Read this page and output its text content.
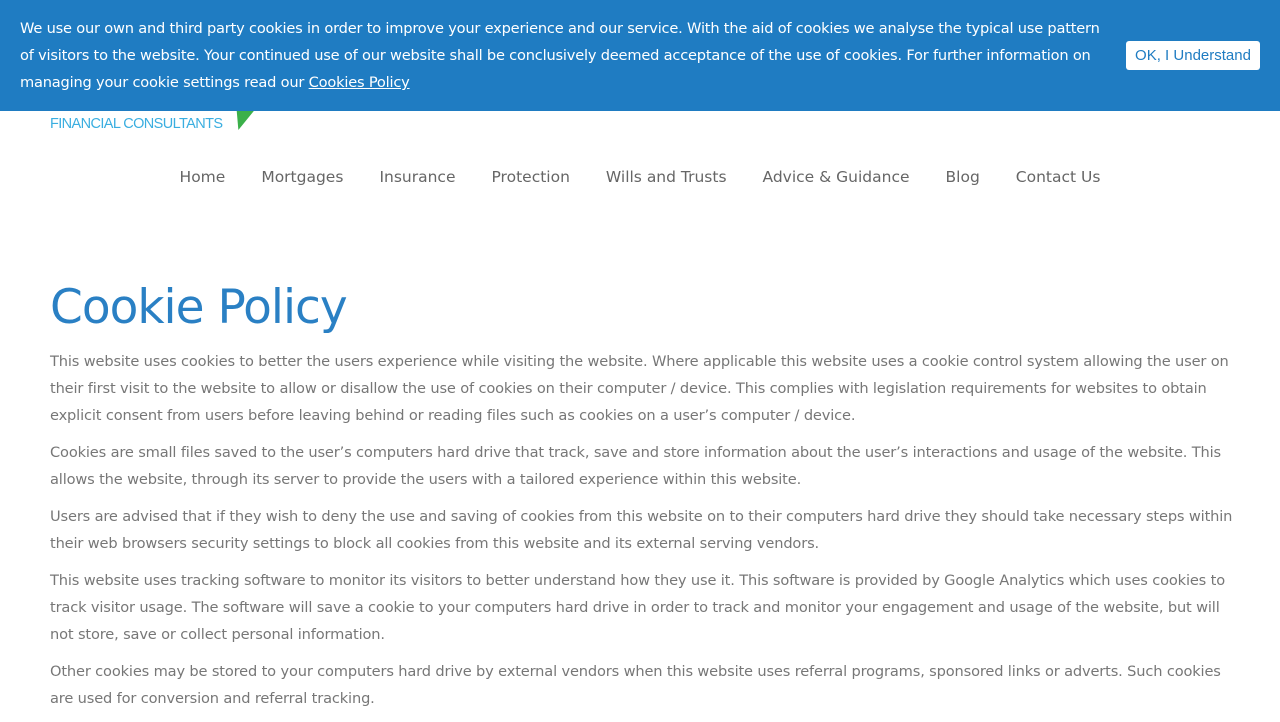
We use our own and third party cookies in order to improve your experience and our service. With the aid of cookies we analyse the typical use pattern of visitors to the website. Your continued use of our website shall be conclusively deemed acceptance of the use of cookies. For further information on managing your cookie settings read our Cookies Policy
OK, I Understand
FINANCIAL CONSULTANTS
Home	Mortgages	Insurance	Protection	Wills and Trusts	Advice & Guidance	Blog	Contact Us
Cookie Policy

This website uses cookies to better the users experience while visiting the website. Where applicable this website uses a cookie control system allowing the user on their first visit to the website to allow or disallow the use of cookies on their computer / device. This complies with legislation requirements for websites to obtain explicit consent from users before leaving behind or reading files such as cookies on a user’s computer / device.

Cookies are small files saved to the user’s computers hard drive that track, save and store information about the user’s interactions and usage of the website. This allows the website, through its server to provide the users with a tailored experience within this website.

Users are advised that if they wish to deny the use and saving of cookies from this website on to their computers hard drive they should take necessary steps within their web browsers security settings to block all cookies from this website and its external serving vendors.

This website uses tracking software to monitor its visitors to better understand how they use it. This software is provided by Google Analytics which uses cookies to track visitor usage. The software will save a cookie to your computers hard drive in order to track and monitor your engagement and usage of the website, but will not store, save or collect personal information.

Other cookies may be stored to your computers hard drive by external vendors when this website uses referral programs, sponsored links or adverts. Such cookies are used for conversion and referral tracking.
